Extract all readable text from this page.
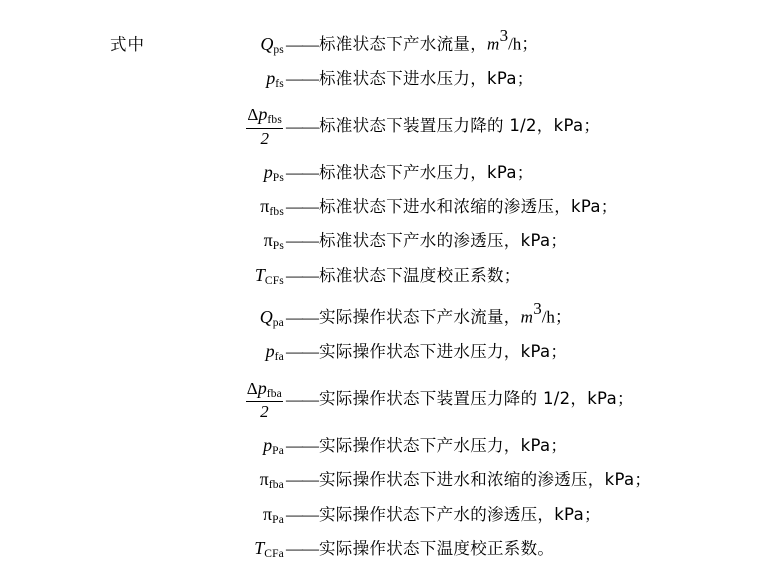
式中	$Q_{ps}$ —— 标准状态下产水流量，m3/h；
$p_{fs}$ —— 标准状态下进水压力，kPa；
$\frac{\Delta p_{fbs}}{2}$ —— 标准状态下装置压力降的 1/2，kPa；
$p_{Ps}$ —— 标准状态下产水压力，kPa；
$\pi_{fbs}$ —— 标准状态下进水和浓缩的渗透压，kPa；
$\pi_{Ps}$ —— 标准状态下产水的渗透压，kPa；
$T_{CFs}$ —— 标准状态下温度校正系数；
$Q_{pa}$ —— 实际操作状态下产水流量，m3/h；
$p_{fa}$ —— 实际操作状态下进水压力，kPa；
$\frac{\Delta p_{fba}}{2}$ —— 实际操作状态下装置压力降的 1/2，kPa；
$p_{Pa}$ —— 实际操作状态下产水压力，kPa；
$\pi_{fba}$ —— 实际操作状态下进水和浓缩的渗透压，kPa；
$\pi_{Pa}$ —— 实际操作状态下产水的渗透压，kPa；
$T_{CFa}$ —— 实际操作状态下温度校正系数。
